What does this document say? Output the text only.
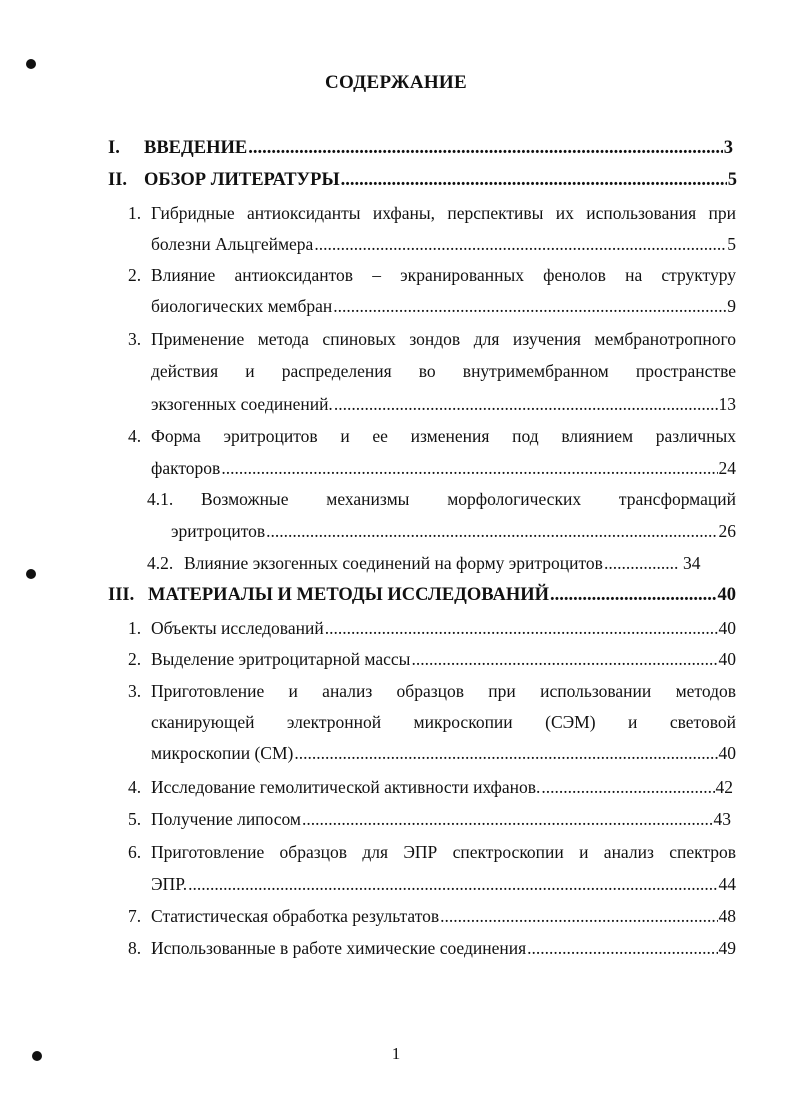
СОДЕРЖАНИЕ
I.	ВВЕДЕНИЕ .....	3
II. ОБЗОР ЛИТЕРАТУРЫ .....	5
1. Гибридные антиоксиданты ихфаны, перспективы их использования при
болезни Альцгеймера .....	5
2. Влияние антиоксидантов – экранированных фенолов на структуру
биологических мембран .....	9
3. Применение метода спиновых зондов для изучения мембранотропного
действия и распределения во внутримембранном пространстве
экзогенных соединений. .....	13
4. Форма эритроцитов и ее изменения под влиянием различных
факторов .....	24
4.1. Возможные механизмы морфологических трансформаций
эритроцитов .....	26
4.2. Влияние экзогенных соединений на форму эритроцитов .....	34
III. МАТЕРИАЛЫ И МЕТОДЫ ИССЛЕДОВАНИЙ .....	40
1. Объекты исследований .....	40
2. Выделение эритроцитарной массы .....	40
3. Приготовление и анализ образцов при использовании методов
сканирующей электронной микроскопии (СЭМ) и световой
микроскопии (СМ) .....	40
4. Исследование гемолитической активности ихфанов. .....	42
5. Получение липосом .....	43
6. Приготовление образцов для ЭПР спектроскопии и анализ спектров
ЭПР. .....	44
7. Статистическая обработка результатов .....	48
8. Использованные в работе химические соединения .....	49
1
